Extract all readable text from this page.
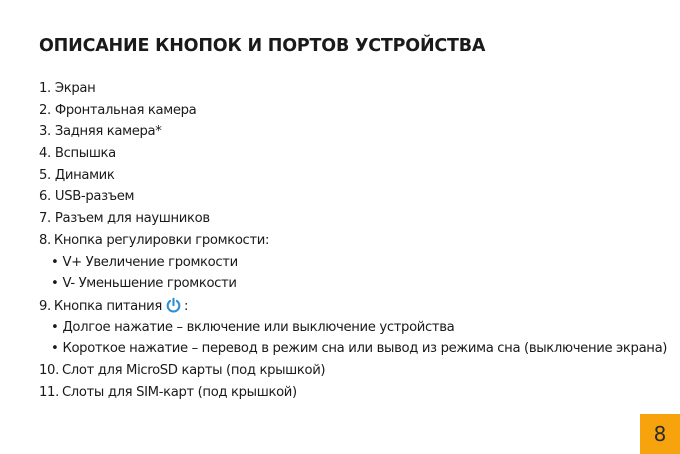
ОПИСАНИЕ КНОПОК И ПОРТОВ УСТРОЙСТВА
1. Экран
2. Фронтальная камера
3. Задняя камера*
4. Вспышка
5. Динамик
6. USB-разъем
7. Разъем для наушников
8. Кнопка регулировки громкости:
• V+ Увеличение громкости
• V- Уменьшение громкости
9. Кнопка питания :
• Долгое нажатие – включение или выключение устройства
• Короткое нажатие – перевод в режим сна или вывод из режима сна (выключение экрана)
10. Слот для MicroSD карты (под крышкой)
11. Слоты для SIM-карт (под крышкой)
8
